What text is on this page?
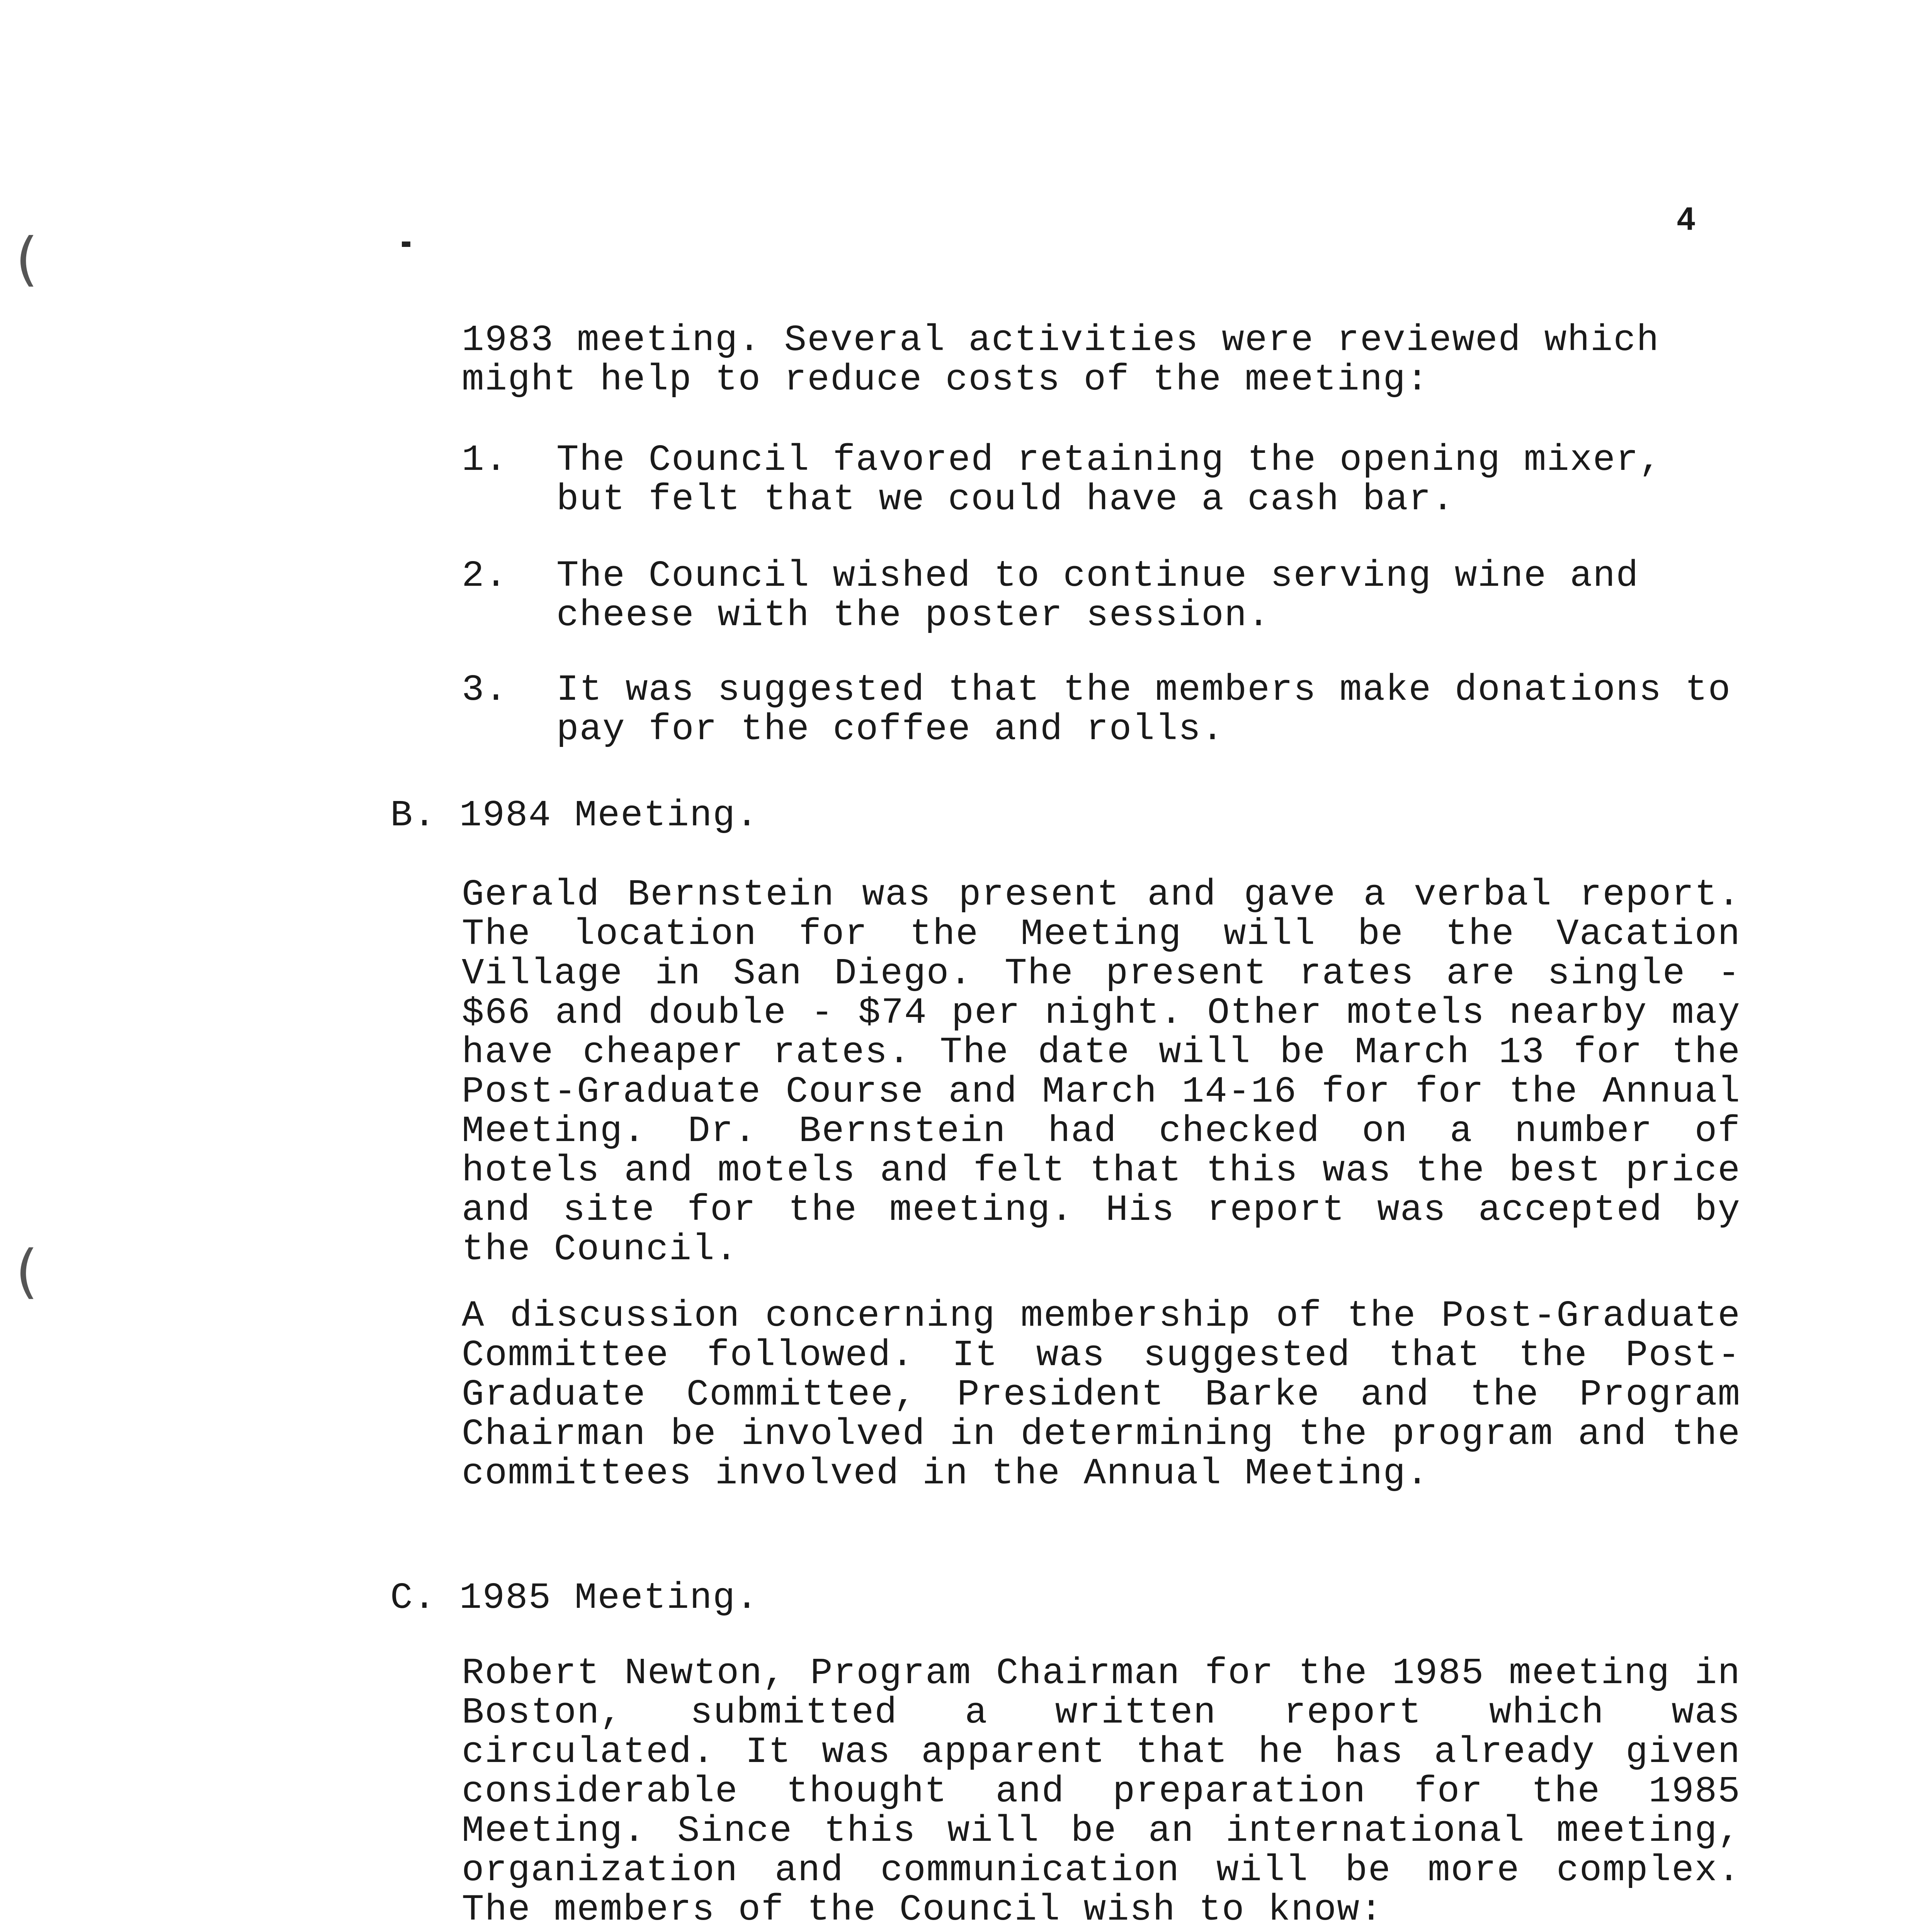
(
(
4
1983 meeting. Several activities were reviewed which
might help to reduce costs of the meeting:
1. The Council favored retaining the opening mixer, but felt that we could have a cash bar.
2. The Council wished to continue serving wine and cheese with the poster session.
3. It was suggested that the members make donations to pay for the coffee and rolls.
B. 1984 Meeting.
Gerald Bernstein was present and gave a verbal report. The location for the Meeting will be the Vacation Village in San Diego. The present rates are single - $66 and double - $74 per night. Other motels nearby may have cheaper rates. The date will be March 13 for the Post-Graduate Course and March 14-16 for for the Annual Meeting. Dr. Bernstein had checked on a number of hotels and motels and felt that this was the best price and site for the meeting. His report was accepted by the Council.
A discussion concerning membership of the Post-Graduate Committee followed. It was suggested that the Post-Graduate Committee, President Barke and the Program Chairman be involved in determining the program and the committees involved in the Annual Meeting.
C. 1985 Meeting.
Robert Newton, Program Chairman for the 1985 meeting in Boston, submitted a written report which was circulated. It was apparent that he has already given considerable thought and preparation for the 1985 Meeting. Since this will be an international meeting, organization and communication will be more complex. The members of the Council wish to know:
